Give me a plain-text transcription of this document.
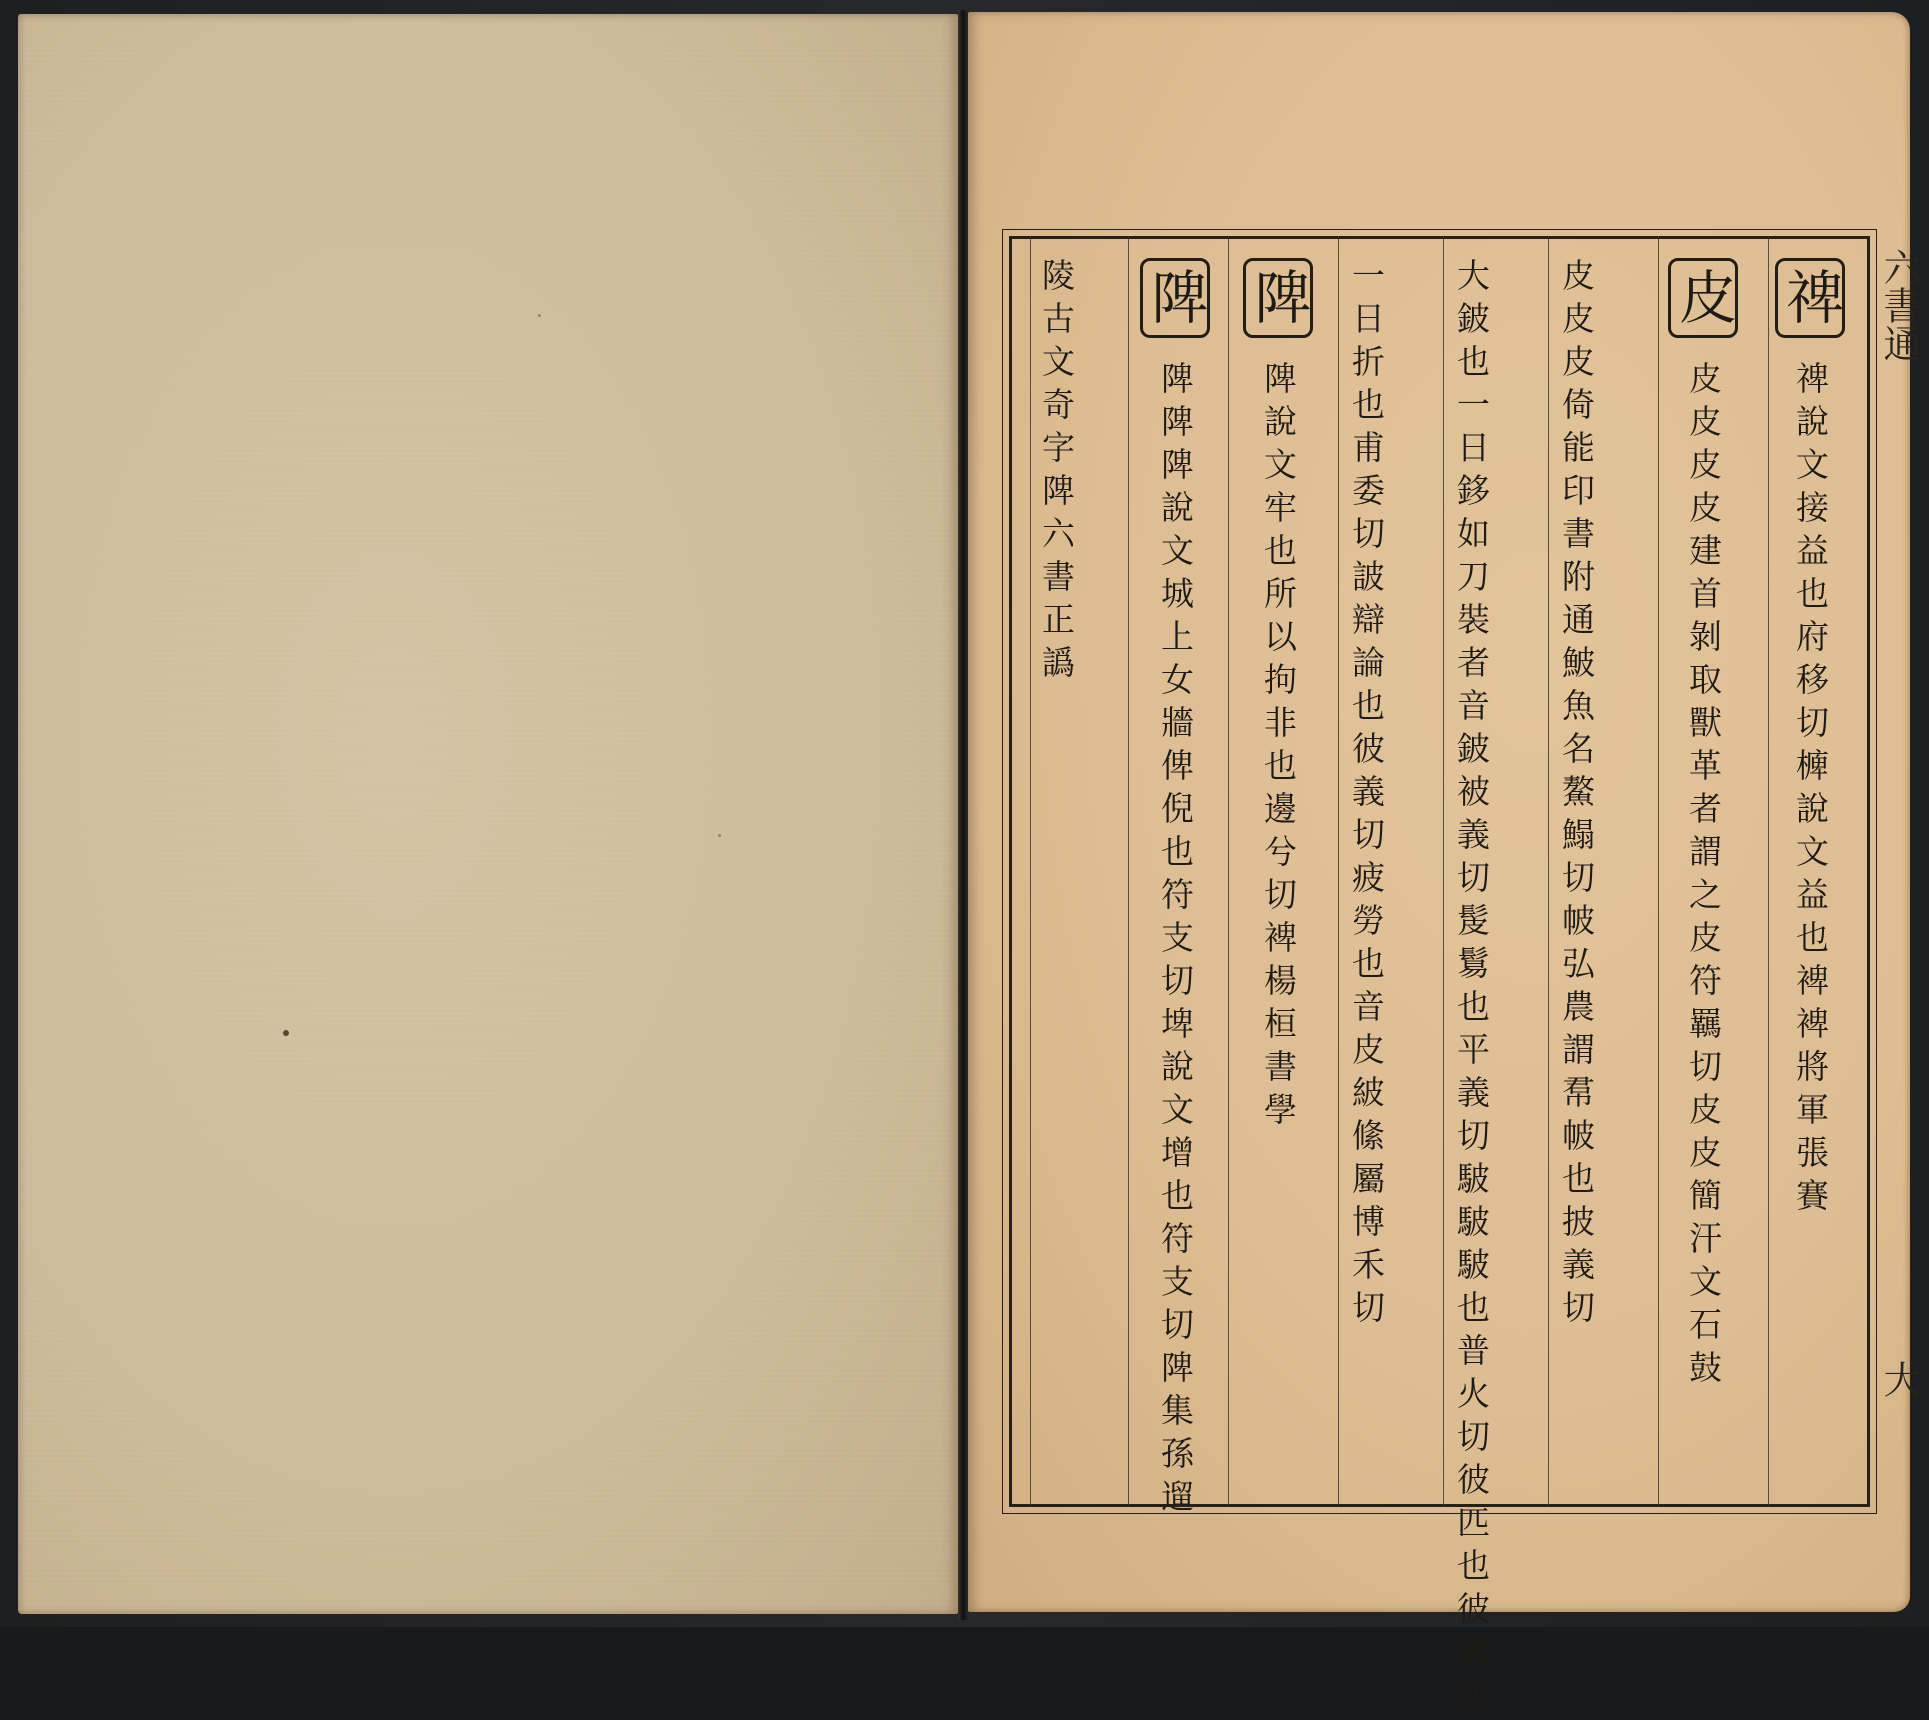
六書通
禆 禆說文接益也府移切㯅說文益也裨裨將軍張賽
皮 皮皮皮皮建首剝取獸革者謂之皮符羈切皮皮簡汗文石鼓
皮皮皮倚能印書附通鮍魚名鰲鰨切帔弘農謂帬帔也披義切
大鈹也一日鉹如刀裝者音鈹被義切髲鬄也平義切駊駊駊也普火切彼匹也彼義切
一日折也甫委切詖辯論也彼義切疲勞也音皮紴絛屬博禾切
陴 陴說文牢也所以拘非也邊兮切裨楊桓書學
陴 陴陴陴說文城上女牆俾倪也符支切埤說文增也符支切陴集孫遛
陵古文奇字陴六書正譌
大
